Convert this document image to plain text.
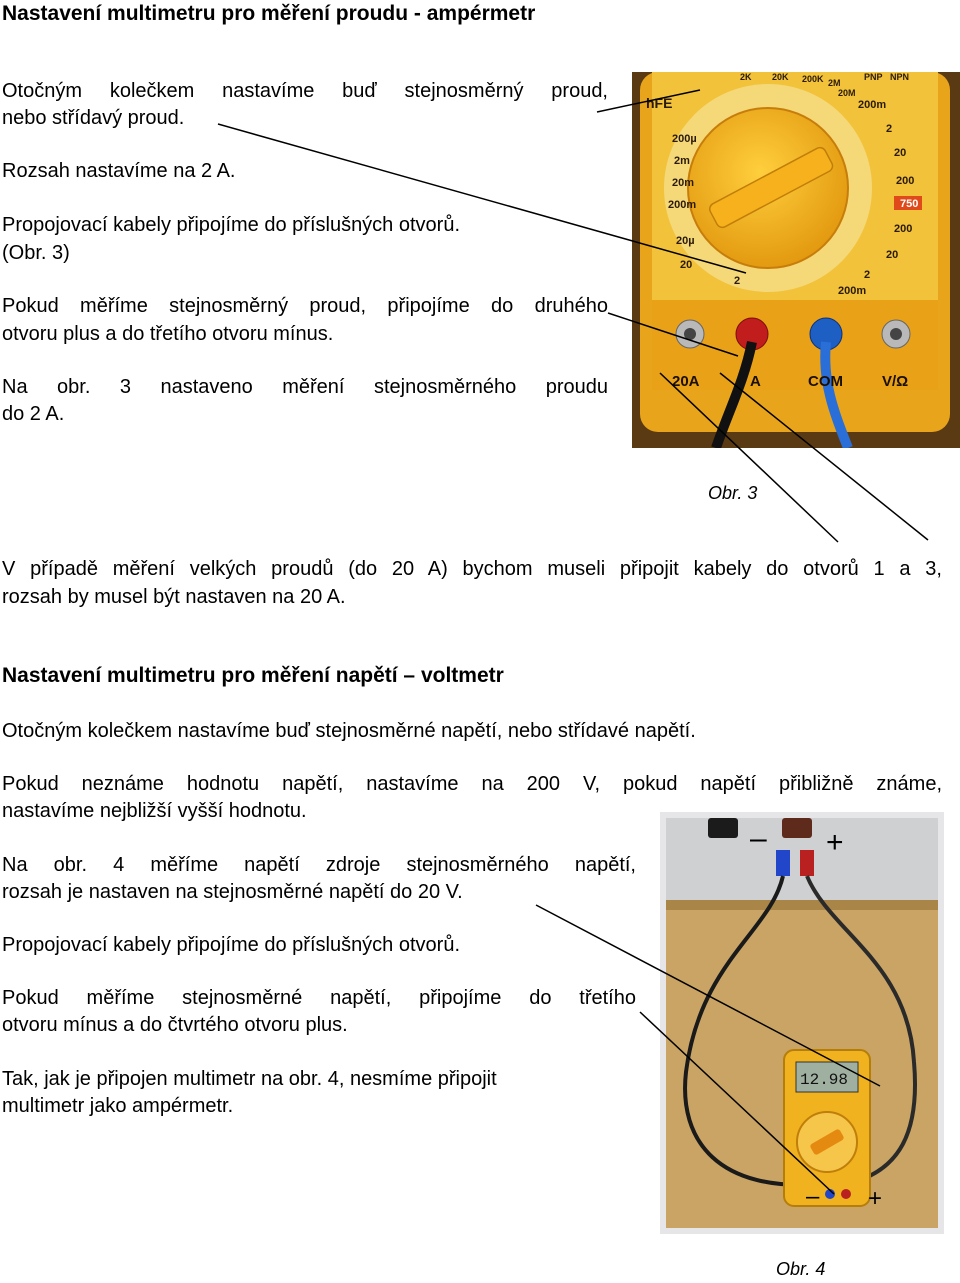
Nastavení multimetru pro měření proudu - ampérmetr

Otočným kolečkem nastavíme buď stejnosměrný proud,

nebo střídavý proud.

Rozsah nastavíme na 2 A.

Propojovací kabely připojíme do příslušných otvorů.

(Obr. 3)

Pokud měříme stejnosměrný proud, připojíme do druhého

otvoru plus a do třetího otvoru mínus.

Na obr. 3 nastaveno měření stejnosměrného proudu

do 2 A.

hFE
200µ
2m
20m
200m
20µ
20
2
200m
2
20
200
750
200
20
2
200m
2K 20K 200K 2M
20M
PNP NPN
20A	A	COM	V/Ω

Obr. 3

V případě měření velkých proudů (do 20 A) bychom museli připojit kabely do otvorů 1 a 3,

rozsah by musel být nastaven na 20 A.

Nastavení multimetru pro měření napětí – voltmetr

Otočným kolečkem nastavíme buď stejnosměrné napětí, nebo střídavé napětí.

Pokud neznáme hodnotu napětí, nastavíme na 200 V, pokud napětí přibližně známe,

nastavíme nejbližší vyšší hodnotu.

Na obr. 4 měříme napětí zdroje stejnosměrného napětí,

rozsah je nastaven na stejnosměrné napětí do 20 V.

Propojovací kabely připojíme do příslušných otvorů.

Pokud měříme stejnosměrné napětí, připojíme do třetího

otvoru mínus a do čtvrtého otvoru plus.

Tak, jak je připojen multimetr na obr. 4, nesmíme připojit

multimetr jako ampérmetr.

– +
12.98
– +

Obr. 4
